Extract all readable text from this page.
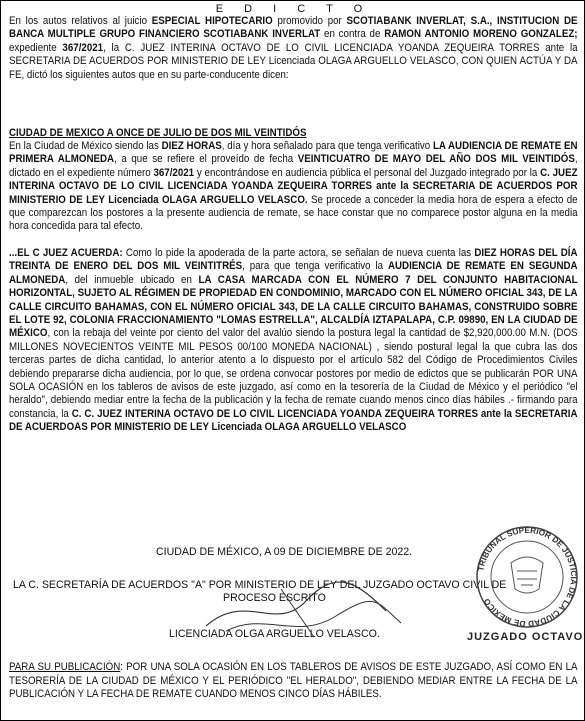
E D I C T O
En los autos relativos al juicio ESPECIAL HIPOTECARIO promovido por SCOTIABANK INVERLAT, S.A., INSTITUCION DE BANCA MULTIPLE GRUPO FINANCIERO SCOTIABANK INVERLAT en contra de RAMON ANTONIO MORENO GONZALEZ; expediente 367/2021, la C. JUEZ INTERINA OCTAVO DE LO CIVIL LICENCIADA YOANDA ZEQUEIRA TORRES ante la SECRETARIA DE ACUERDOS POR MINISTERIO DE LEY Licenciada OLAGA ARGUELLO VELASCO, CON QUIEN ACTÚA Y DA FE, dictó los siguientes autos que en su parte-conducente dicen:
CIUDAD DE MEXICO A ONCE DE JULIO DE DOS MIL VEINTIDÓS
En la Ciudad de México siendo las DIEZ HORAS, día y hora señalado para que tenga verificativo LA AUDIENCIA DE REMATE EN PRIMERA ALMONEDA, a que se refiere el proveído de fecha VEINTICUATRO DE MAYO DEL AÑO DOS MIL VEINTIDÓS, dictado en el expediente número 367/2021 y encontrándose en audiencia pública el personal del Juzgado integrado por la C. JUEZ INTERINA OCTAVO DE LO CIVIL LICENCIADA YOANDA ZEQUEIRA TORRES ante la SECRETARIA DE ACUERDOS POR MINISTERIO DE LEY Licenciada OLAGA ARGUELLO VELASCO. Se procede a conceder la media hora de espera a efecto de que comparezcan los postores a la presente audiencia de remate, se hace constar que no comparece postor alguna en la media hora concedida para tal efecto.
...EL C JUEZ ACUERDA: Como lo pide la apoderada de la parte actora, se señalan de nueva cuenta las DIEZ HORAS DEL DÍA TREINTA DE ENERO DEL DOS MIL VEINTITRÉS, para que tenga verificativo la AUDIENCIA DE REMATE EN SEGUNDA ALMONEDA, del inmueble ubicado en LA CASA MARCADA CON EL NÚMERO 7 DEL CONJUNTO HABITACIONAL HORIZONTAL, SUJETO AL RÉGIMEN DE PROPIEDAD EN CONDOMINIO, MARCADO CON EL NÚMERO OFICIAL 343, DE LA CALLE CIRCUITO BAHAMAS, CON EL NÚMERO OFICIAL 343, DE LA CALLE CIRCUITO BAHAMAS, CONSTRUIDO SOBRE EL LOTE 92, COLONIA FRACCIONAMIENTO "LOMAS ESTRELLA", ALCALDÍA IZTAPALAPA, C.P. 09890, EN LA CIUDAD DE MÉXICO, con la rebaja del veinte por ciento del valor del avalúo siendo la postura legal la cantidad de $2,920,000.00 M.N. (DOS MILLONES NOVECIENTOS VEINTE MIL PESOS 00/100 MONEDA NACIONAL) , siendo postural legal la que cubra las dos terceras partes de dicha cantidad, lo anterior atento a lo dispuesto por el artículo 582 del Código de Procedimientos Civiles debiendo prepararse dicha audiencia, por lo que, se ordena convocar postores por medio de edictos que se publicarán POR UNA SOLA OCASIÓN en los tableros de avisos de este juzgado, así como en la tesorería de la Ciudad de México y el periódico "el heraldo", debiendo mediar entre la fecha de la publicación y la fecha de remate cuando menos cinco días hábiles .- firmando para constancia, la C. C. JUEZ INTERINA OCTAVO DE LO CIVIL LICENCIADA YOANDA ZEQUEIRA TORRES ante la SECRETARIA DE ACUERDOAS POR MINISTERIO DE LEY Licenciada OLAGA ARGUELLO VELASCO
CIUDAD DE MÉXICO, A 09 DE DICIEMBRE DE 2022.
LA C. SECRETARÍA DE ACUERDOS "A" POR MINISTERIO DE LEY DEL JUZGADO OCTAVO CIVIL DE
PROCESO ESCRITO
LICENCIADA OLGA ARGUELLO VELASCO.
TRIBUNAL SUPERIOR DE JUSTICIA DE LA CIUDAD DE MEXICO
JUZGADO OCTAVO
PARA SU PUBLICACIÓN: POR UNA SOLA OCASIÓN EN LOS TABLEROS DE AVISOS DE ESTE JUZGADO, ASÍ COMO EN LA TESORERÍA DE LA CIUDAD DE MÉXICO Y EL PERIÓDICO "EL HERALDO", DEBIENDO MEDIAR ENTRE LA FECHA DE LA PUBLICACIÓN Y LA FECHA DE REMATE CUANDO MENOS CINCO DÍAS HÁBILES.
